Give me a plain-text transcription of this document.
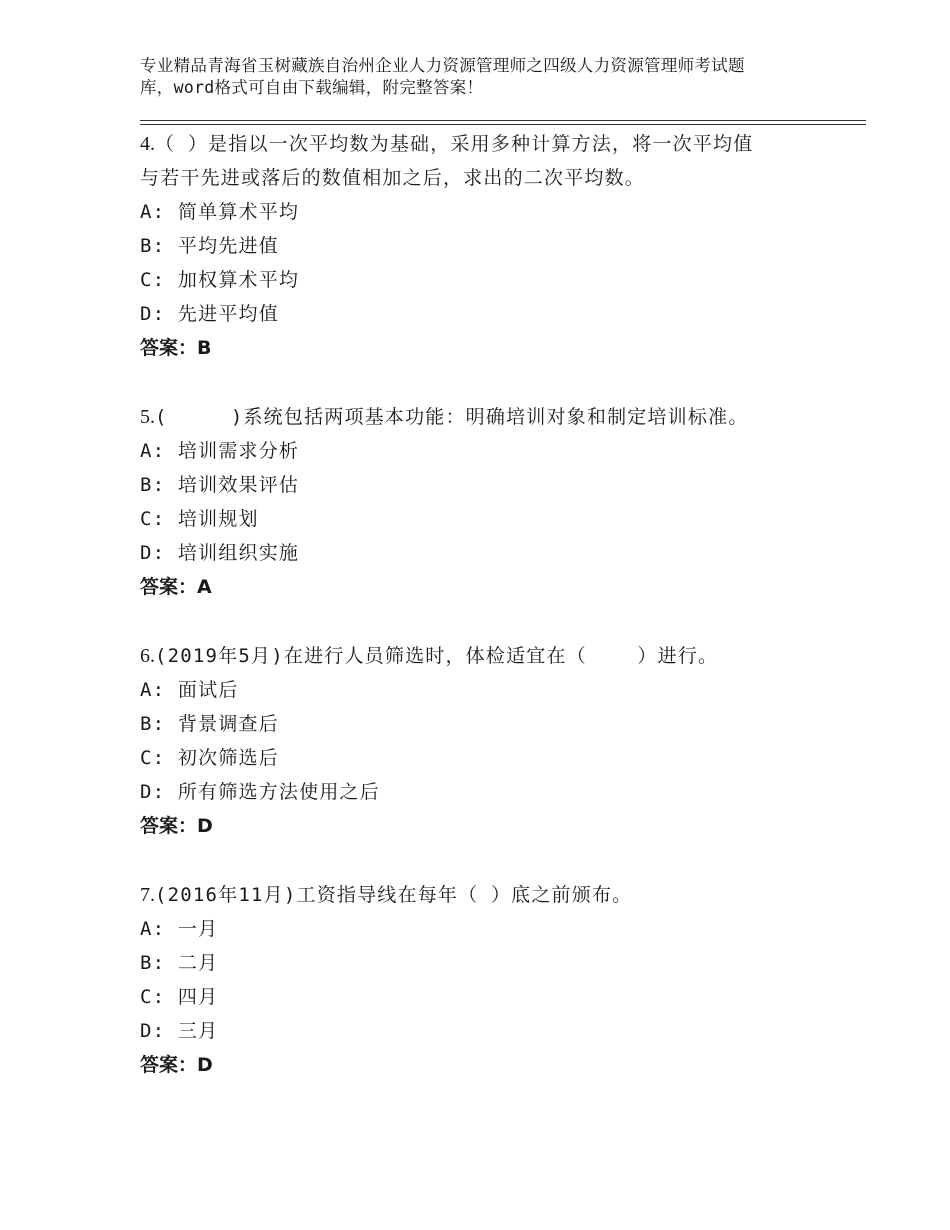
专业精品青海省玉树藏族自治州企业人力资源管理师之四级人力资源管理师考试题
库，word格式可自由下载编辑，附完整答案！

4.（ ）是指以一次平均数为基础，采用多种计算方法，将一次平均值

与若干先进或落后的数值相加之后，求出的二次平均数。

A: 简单算术平均

B: 平均先进值

C: 加权算术平均

D: 先进平均值

答案：B

5.(     )系统包括两项基本功能：明确培训对象和制定培训标准。

A: 培训需求分析

B: 培训效果评估

C: 培训规划

D: 培训组织实施

答案：A

6.(2019年5月)在进行人员筛选时，体检适宜在（    ）进行。

A: 面试后

B: 背景调查后

C: 初次筛选后

D: 所有筛选方法使用之后

答案：D

7.(2016年11月)工资指导线在每年（ ）底之前颁布。

A: 一月

B: 二月

C: 四月

D: 三月

答案：D
